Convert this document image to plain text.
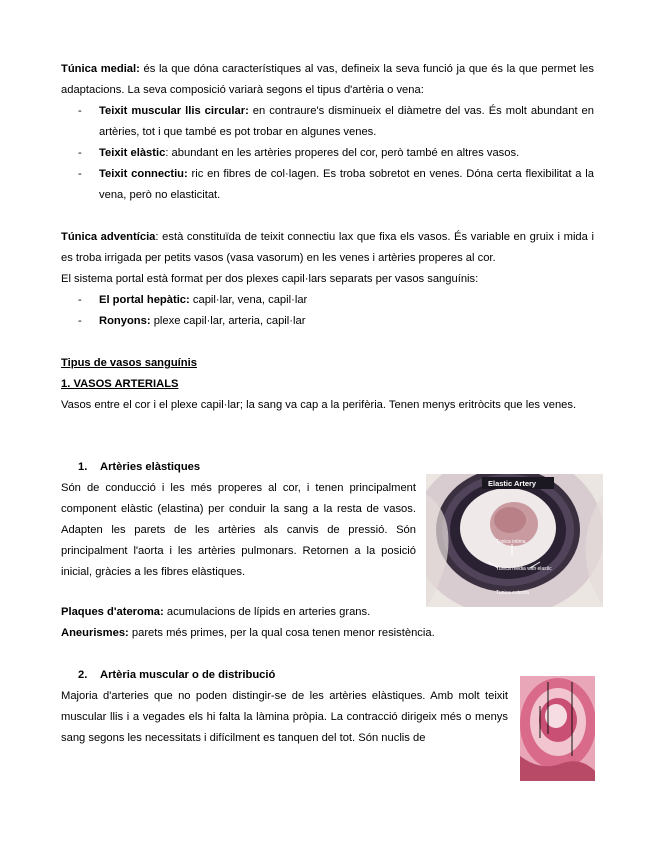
Túnica medial: és la que dóna característiques al vas, defineix la seva funció ja que és la que permet les adaptacions. La seva composició variarà segons el tipus d'artèria o vena:
- Teixit muscular llis circular: en contraure's disminueix el diàmetre del vas. És molt abundant en artèries, tot i que també es pot trobar en algunes venes.
- Teixit elàstic: abundant en les artèries properes del cor, però també en altres vasos.
- Teixit connectiu: ric en fibres de col·lagen. Es troba sobretot en venes. Dóna certa flexibilitat a la vena, però no elasticitat.
Túnica adventícia: està constituïda de teixit connectiu lax que fixa els vasos. És variable en gruix i mida i es troba irrigada per petits vasos (vasa vasorum) en les venes i artèries properes al cor.
El sistema portal està format per dos plexes capil·lars separats per vasos sanguínis:
- El portal hepàtic: capil·lar, vena, capil·lar
- Ronyons: plexe capil·lar, arteria, capil·lar
Tipus de vasos sanguínis
1. VASOS ARTERIALS
Vasos entre el cor i el plexe capil·lar; la sang va cap a la perifèria. Tenen menys eritròcits que les venes.
1. Artèries elàstiques
Són de conducció i les més properes al cor, i tenen principalment component elàstic (elastina) per conduir la sang a la resta de vasos. Adapten les parets de les artèries als canvis de pressió. Són principalment l'aorta i les artèries pulmonars. Retornen a la posició inicial, gràcies a les fibres elàstiques.
Elastic Artery
Tunica intima
Tunica media with elastic
Tunica externa
Plaques d'ateroma: acumulacions de lípids en arteries grans.
Aneurismes: parets més primes, per la qual cosa tenen menor resistència.
2. Artèria muscular o de distribució
Majoria d'arteries que no poden distingir-se de les artèries elàstiques. Amb molt teixit muscular llis i a vegades els hi falta la làmina pròpia. La contracció dirigeix més o menys sang segons les necessitats i difícilment es tanquen del tot. Són nuclis de
